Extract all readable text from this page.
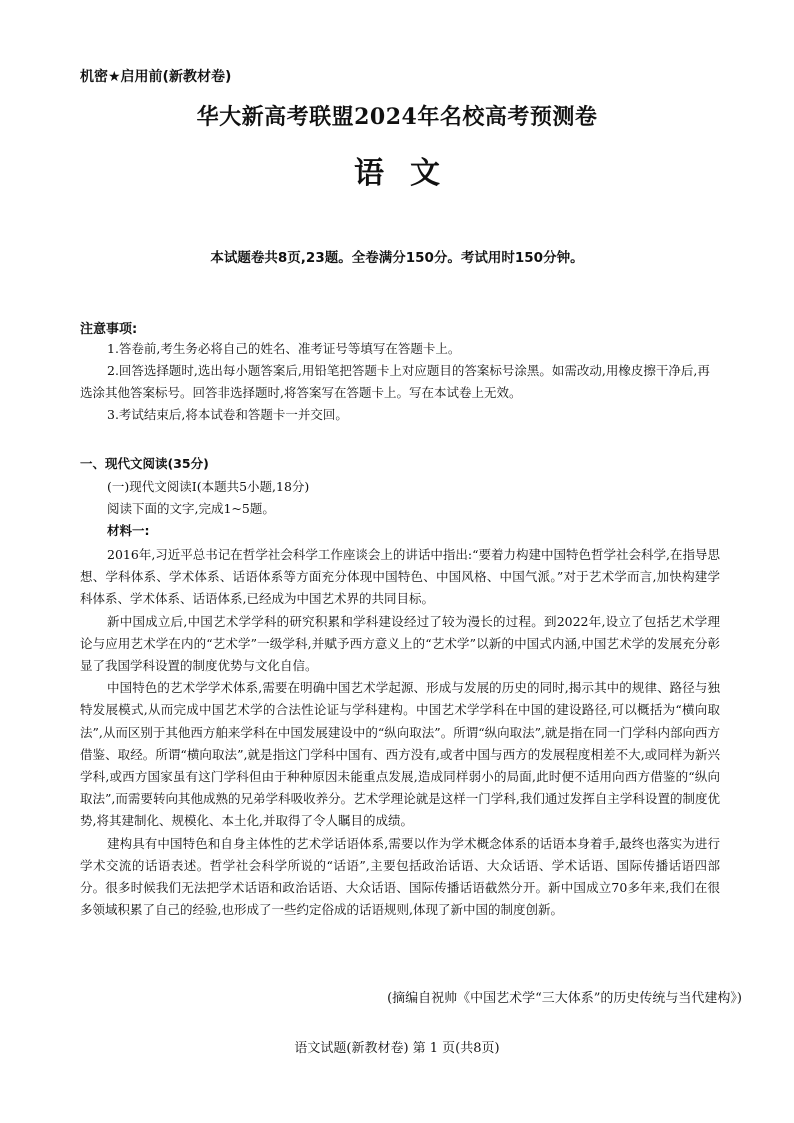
机密★启用前(新教材卷)
华大新高考联盟2024年名校高考预测卷
语文
本试题卷共8页,23题。全卷满分150分。考试用时150分钟。
注意事项:

1.答卷前,考生务必将自己的姓名、准考证号等填写在答题卡上。

2.回答选择题时,选出每小题答案后,用铅笔把答题卡上对应题目的答案标号涂黑。如需改动,用橡皮擦干净后,再选涂其他答案标号。回答非选择题时,将答案写在答题卡上。写在本试卷上无效。

3.考试结束后,将本试卷和答题卡一并交回。

一、现代文阅读(35分)
(一)现代文阅读Ⅰ(本题共5小题,18分)
阅读下面的文字,完成1~5题。
材料一:

2016年,习近平总书记在哲学社会科学工作座谈会上的讲话中指出:“要着力构建中国特色哲学社会科学,在指导思想、学科体系、学术体系、话语体系等方面充分体现中国特色、中国风格、中国气派。”对于艺术学而言,加快构建学科体系、学术体系、话语体系,已经成为中国艺术界的共同目标。

新中国成立后,中国艺术学学科的研究积累和学科建设经过了较为漫长的过程。到2022年,设立了包括艺术学理论与应用艺术学在内的“艺术学”一级学科,并赋予西方意义上的“艺术学”以新的中国式内涵,中国艺术学的发展充分彰显了我国学科设置的制度优势与文化自信。

中国特色的艺术学学术体系,需要在明确中国艺术学起源、形成与发展的历史的同时,揭示其中的规律、路径与独特发展模式,从而完成中国艺术学的合法性论证与学科建构。中国艺术学学科在中国的建设路径,可以概括为“横向取法”,从而区别于其他西方舶来学科在中国发展建设中的“纵向取法”。所谓“纵向取法”,就是指在同一门学科内部向西方借鉴、取经。所谓“横向取法”,就是指这门学科中国有、西方没有,或者中国与西方的发展程度相差不大,或同样为新兴学科,或西方国家虽有这门学科但由于种种原因未能重点发展,造成同样弱小的局面,此时便不适用向西方借鉴的“纵向取法”,而需要转向其他成熟的兄弟学科吸收养分。艺术学理论就是这样一门学科,我们通过发挥自主学科设置的制度优势,将其建制化、规模化、本土化,并取得了令人瞩目的成绩。

建构具有中国特色和自身主体性的艺术学话语体系,需要以作为学术概念体系的话语本身着手,最终也落实为进行学术交流的话语表述。哲学社会科学所说的“话语”,主要包括政治话语、大众话语、学术话语、国际传播话语四部分。很多时候我们无法把学术话语和政治话语、大众话语、国际传播话语截然分开。新中国成立70多年来,我们在很多领域积累了自己的经验,也形成了一些约定俗成的话语规则,体现了新中国的制度创新。

(摘编自祝帅《中国艺术学“三大体系”的历史传统与当代建构》)
语文试题(新教材卷) 第 1 页(共8页)
